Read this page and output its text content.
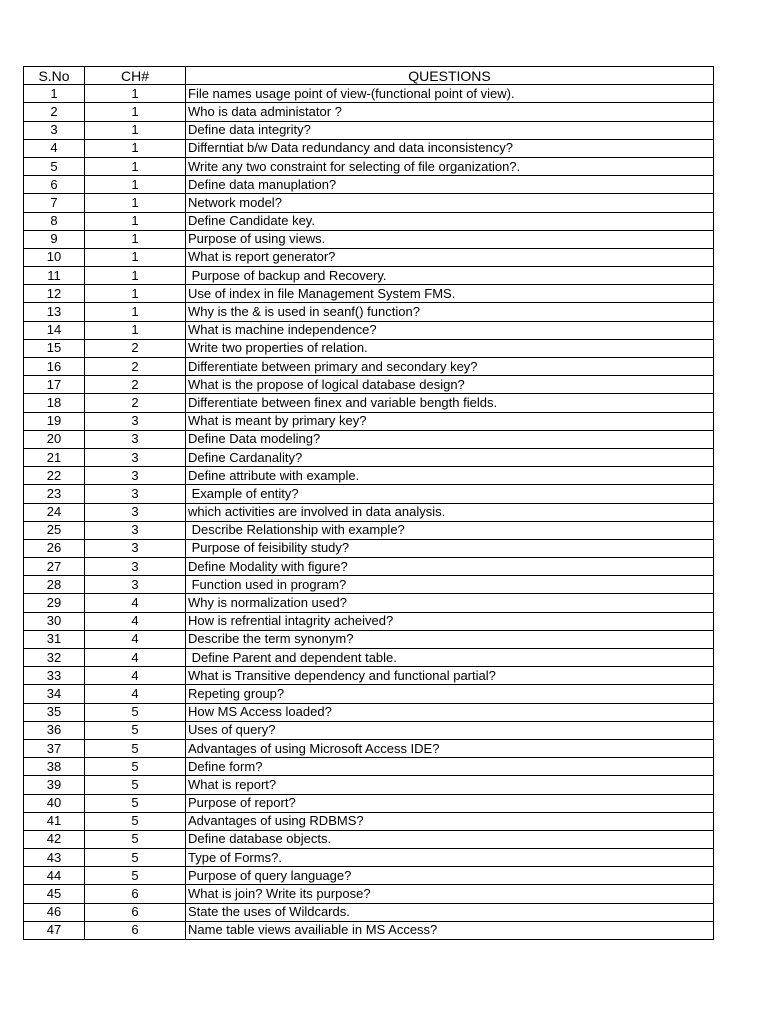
S.No	CH#	QUESTIONS
1	1	File names usage point of view-(functional point of view).
2	1	Who is data administator ?
3	1	Define data integrity?
4	1	Differntiat b/w Data redundancy and data inconsistency?
5	1	Write any two constraint for selecting of file organization?.
6	1	Define data manuplation?
7	1	Network model?
8	1	Define Candidate key.
9	1	Purpose of using views.
10	1	What is report generator?
11	1	Purpose of backup and Recovery.
12	1	Use of index in file Management System FMS.
13	1	Why is the & is used in seanf() function?
14	1	What is machine independence?
15	2	Write two properties of relation.
16	2	Differentiate between primary and secondary key?
17	2	What is the propose of logical database design?
18	2	Differentiate between finex and variable bength fields.
19	3	What is meant by primary key?
20	3	Define Data modeling?
21	3	Define Cardanality?
22	3	Define attribute with example.
23	3	Example of entity?
24	3	which activities are involved in data analysis.
25	3	Describe Relationship with example?
26	3	Purpose of feisibility study?
27	3	Define Modality with figure?
28	3	Function used in program?
29	4	Why is normalization used?
30	4	How is refrential intagrity acheived?
31	4	Describe the term synonym?
32	4	Define Parent and dependent table.
33	4	What is Transitive dependency and functional partial?
34	4	Repeting group?
35	5	How MS Access loaded?
36	5	Uses of query?
37	5	Advantages of using Microsoft Access IDE?
38	5	Define form?
39	5	What is report?
40	5	Purpose of report?
41	5	Advantages of using RDBMS?
42	5	Define database objects.
43	5	Type of Forms?.
44	5	Purpose of query language?
45	6	What is join? Write its purpose?
46	6	State the uses of Wildcards.
47	6	Name table views availiable in MS Access?
